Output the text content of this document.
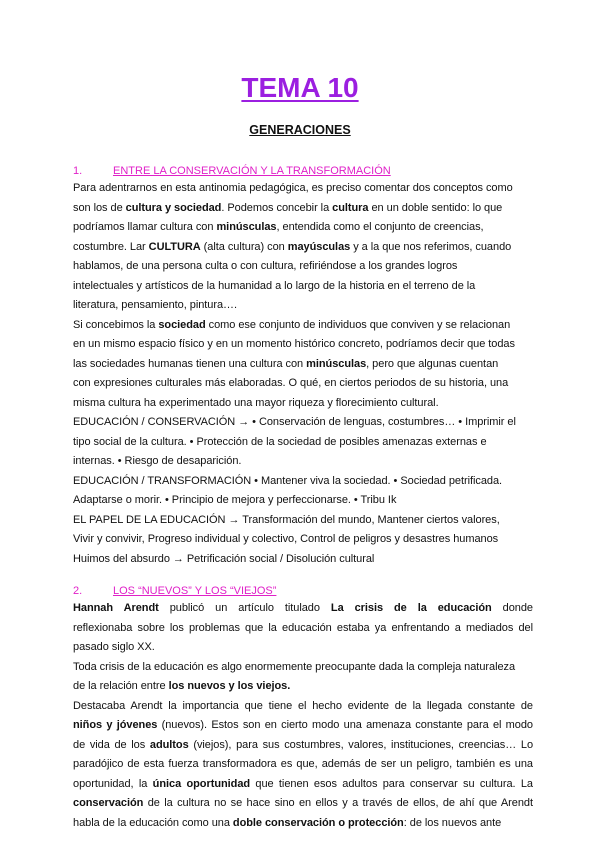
TEMA 10
GENERACIONES

1.	ENTRE LA CONSERVACIÓN Y LA TRANSFORMACIÓN

Para adentrarnos en esta antinomia pedagógica, es preciso comentar dos conceptos como

son los de cultura y sociedad. Podemos concebir la cultura en un doble sentido: lo que

podríamos llamar cultura con minúsculas, entendida como el conjunto de creencias,

costumbre. Lar CULTURA (alta cultura) con mayúsculas y a la que nos referimos, cuando

hablamos, de una persona culta o con cultura, refiriéndose a los grandes logros

intelectuales y artísticos de la humanidad a lo largo de la historia en el terreno de la

literatura, pensamiento, pintura….

Si concebimos la sociedad como ese conjunto de individuos que conviven y se relacionan

en un mismo espacio físico y en un momento histórico concreto, podríamos decir que todas

las sociedades humanas tienen una cultura con minúsculas, pero que algunas cuentan

con expresiones culturales más elaboradas. O qué, en ciertos periodos de su historia, una

misma cultura ha experimentado una mayor riqueza y florecimiento cultural.

EDUCACIÓN / CONSERVACIÓN → • Conservación de lenguas, costumbres… • Imprimir el

tipo social de la cultura. • Protección de la sociedad de posibles amenazas externas e

internas. • Riesgo de desaparición.

EDUCACIÓN / TRANSFORMACIÓN • Mantener viva la sociedad. • Sociedad petrificada.

Adaptarse o morir. • Principio de mejora y perfeccionarse. • Tribu Ik

EL PAPEL DE LA EDUCACIÓN → Transformación del mundo, Mantener ciertos valores,

Vivir y convivir, Progreso individual y colectivo, Control de peligros y desastres humanos

Huimos del absurdo → Petrificación social / Disolución cultural

2.	LOS “NUEVOS” Y LOS “VIEJOS”

Hannah Arendt publicó un artículo titulado La crisis de la educación donde

reflexionaba sobre los problemas que la educación estaba ya enfrentando a mediados del

pasado siglo XX.

Toda crisis de la educación es algo enormemente preocupante dada la compleja naturaleza

de la relación entre los nuevos y los viejos.

Destacaba Arendt la importancia que tiene el hecho evidente de la llegada constante de

niños y jóvenes (nuevos). Estos son en cierto modo una amenaza constante para el modo

de vida de los adultos (viejos), para sus costumbres, valores, instituciones, creencias… Lo

paradójico de esta fuerza transformadora es que, además de ser un peligro, también es una

oportunidad, la única oportunidad que tienen esos adultos para conservar su cultura. La

conservación de la cultura no se hace sino en ellos y a través de ellos, de ahí que Arendt

habla de la educación como una doble conservación o protección: de los nuevos ante
